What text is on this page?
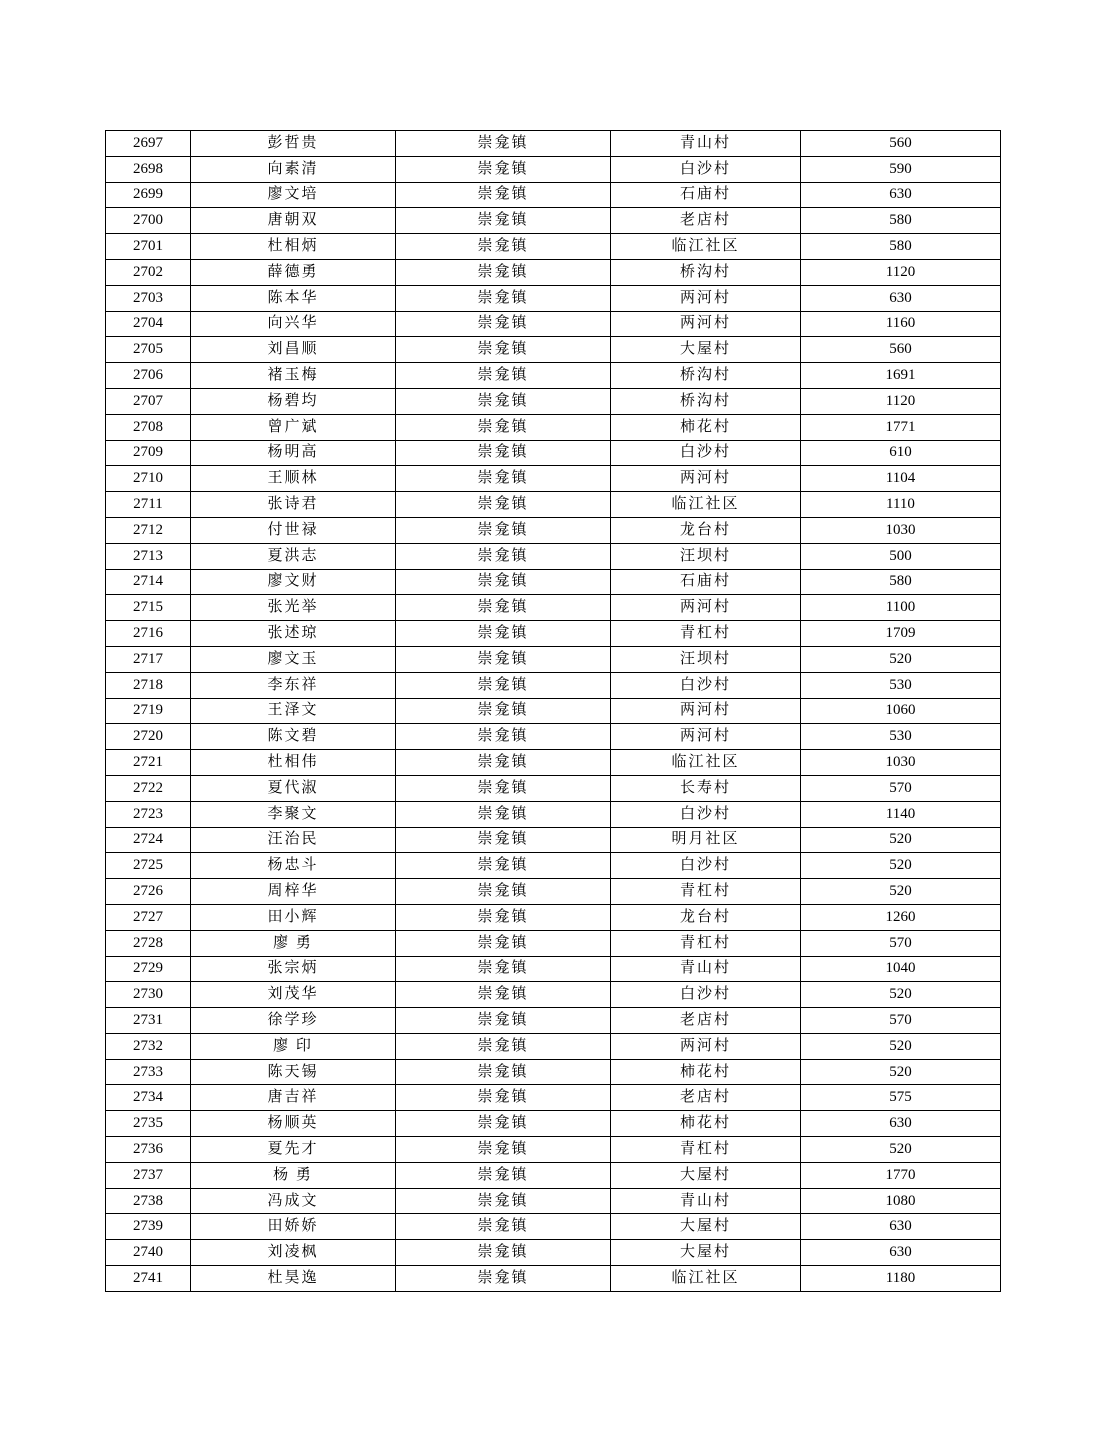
2697	彭哲贵	崇龛镇	青山村	560
2698	向素清	崇龛镇	白沙村	590
2699	廖文培	崇龛镇	石庙村	630
2700	唐朝双	崇龛镇	老店村	580
2701	杜相炳	崇龛镇	临江社区	580
2702	薛德勇	崇龛镇	桥沟村	1120
2703	陈本华	崇龛镇	两河村	630
2704	向兴华	崇龛镇	两河村	1160
2705	刘昌顺	崇龛镇	大屋村	560
2706	褚玉梅	崇龛镇	桥沟村	1691
2707	杨碧均	崇龛镇	桥沟村	1120
2708	曾广斌	崇龛镇	柿花村	1771
2709	杨明高	崇龛镇	白沙村	610
2710	王顺林	崇龛镇	两河村	1104
2711	张诗君	崇龛镇	临江社区	1110
2712	付世禄	崇龛镇	龙台村	1030
2713	夏洪志	崇龛镇	汪坝村	500
2714	廖文财	崇龛镇	石庙村	580
2715	张光举	崇龛镇	两河村	1100
2716	张述琼	崇龛镇	青杠村	1709
2717	廖文玉	崇龛镇	汪坝村	520
2718	李东祥	崇龛镇	白沙村	530
2719	王泽文	崇龛镇	两河村	1060
2720	陈文碧	崇龛镇	两河村	530
2721	杜相伟	崇龛镇	临江社区	1030
2722	夏代淑	崇龛镇	长寿村	570
2723	李聚文	崇龛镇	白沙村	1140
2724	汪治民	崇龛镇	明月社区	520
2725	杨忠斗	崇龛镇	白沙村	520
2726	周梓华	崇龛镇	青杠村	520
2727	田小辉	崇龛镇	龙台村	1260
2728	廖 勇	崇龛镇	青杠村	570
2729	张宗炳	崇龛镇	青山村	1040
2730	刘茂华	崇龛镇	白沙村	520
2731	徐学珍	崇龛镇	老店村	570
2732	廖 印	崇龛镇	两河村	520
2733	陈天锡	崇龛镇	柿花村	520
2734	唐吉祥	崇龛镇	老店村	575
2735	杨顺英	崇龛镇	柿花村	630
2736	夏先才	崇龛镇	青杠村	520
2737	杨 勇	崇龛镇	大屋村	1770
2738	冯成文	崇龛镇	青山村	1080
2739	田娇娇	崇龛镇	大屋村	630
2740	刘凌枫	崇龛镇	大屋村	630
2741	杜昊逸	崇龛镇	临江社区	1180
